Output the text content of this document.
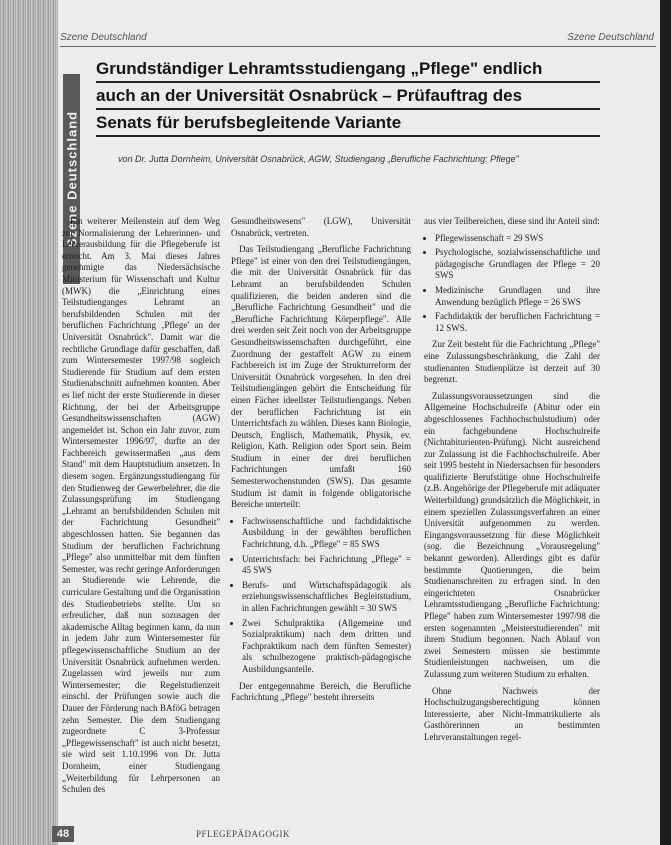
Szene Deutschland	Szene Deutschland
Szene Deutschland
Grundständiger Lehramtsstudiengang „Pflege" endlich
auch an der Universität Osnabrück – Prüfauftrag des
Senats für berufsbegleitende Variante
von Dr. Jutta Dornheim, Universität Osnabrück, AGW, Studiengang „Berufliche Fachrichtung: Pflege"

Ein weiterer Meilenstein auf dem Weg zur Normalisierung der Lehrerinnen- und Lehrerausbildung für die Pflegeberufe ist erreicht. Am 3. Mai dieses Jahres genehmigte das Niedersächsische Ministerium für Wissenschaft und Kultur (MWK) die „Einrichtung eines Teilstudienganges Lehramt an berufsbildenden Schulen mit der beruflichen Fachrichtung ‚Pflege' an der Universität Osnabrück". Damit war die rechtliche Grundlage dafür geschaffen, daß zum Wintersemester 1997/98 sogleich Studierende für Studium auf dem ersten Studienabschnitt aufnehmen konnten. Aber es lief nicht der erste Studierende in dieser Richtung, der bei der Arbeitsgruppe Gesundheitswissenschaften (AGW) angemeldet ist. Schon ein Jahr zuvor, zum Wintersemester 1996/97, durfte an der Fachbereich gewissermaßen „aus dem Stand" mit dem Hauptstudium ansetzen. In diesem sogen. Ergänzungsstudiengang für den Studienweg der Gewerbelehrer, die die Zulassungsprüfung im Studiengang „Lehramt an berufsbildenden Schulen mit der Fachrichtung Gesundheit" abgeschlossen hatten. Sie begannen das Studium der beruflichen Fachrichtung „Pflege" also unmittelbar mit dem fünften Semester, was recht geringe Anforderungen an Studierende wie Lehrende, die curriculare Gestaltung und die Organisation des Studienbetriebs stellte. Um so erfreulicher, daß nun sozusagen der akademische Alltag beginnen kann, da nun in jedem Jahr zum Wintersemester für pflegewissenschaftliche Studium an der Universität Osnabrück aufnehmen werden. Zugelassen wird jeweils nur zum Wintersemester; die Regelstudienzeit einschl. der Prüfungen sowie auch die Dauer der Förderung nach BAföG betragen zehn Semester. Die dem Studiengang zugeordnete C 3-Professur „Pflegewissenschaft" ist auch nicht besetzt, sie wird seit 1.10.1996 von Dr. Jutta Dornheim, einer Studiengang „Weiterbildung für Lehrpersonen an Schulen des

Gesundheitswesens" (LGW), Universität Osnabrück, vertreten.

Das Teilstudiengang „Berufliche Fachrichtung Pflege" ist einer von den drei Teilstudiengängen, die mit der Universität Osnabrück für das Lehramt an berufsbildenden Schulen qualifizieren, die beiden anderen sind die „Berufliche Fachrichtung Gesundheit" und die „Berufliche Fachrichtung Körperpflege". Alle drei werden seit Zeit noch von der Arbeitsgruppe Gesundheitswissenschaften durchgeführt, eine Zuordnung der gestaffelt AGW zu einem Fachbereich ist im Zuge der Strukturreform der Universität Osnabrück vorgesehen. In den drei Teilstudiengängen gehört die Entscheidung für einen Fächer ideellster Teilstudiengangs. Neben der beruflichen Fachrichtung ist ein Unterrichtsfach zu wählen. Dieses kann Biologie, Deutsch, Englisch, Mathematik, Physik, ev. Religion, Kath. Religion oder Sport sein. Beim Studium in einer der drei beruflichen Fachrichtungen umfaßt 160 Semesterwochenstunden (SWS). Das gesamte Studium ist damit in folgende obligatorische Bereiche unterteilt:

• Fachwissenschaftliche und fachdidaktische Ausbildung in der gewählten beruflichen Fachrichtung, d.h. „Pflege" = 85 SWS
• Unterrichtsfach: bei Fachrichtung „Pflege" = 45 SWS
• Berufs- und Wirtschaftspädagogik als erziehungswissenschaftliches Begleitstudium, in allen Fachrichtungen gewählt = 30 SWS
• Zwei Schulpraktika (Allgemeine und Sozialpraktikum) nach dem dritten und Fachpraktikum nach dem fünften Semester) als schulbezogene praktisch-pädagogische Ausbildungsanteile.

Der entgegennahme Bereich, die Berufliche Fachrichtung „Pflege" besteht ihrerseits

aus vier Teilbereichen, diese sind ihr Anteil sind:

• Pflegewissenschaft = 29 SWS
• Psychologische, sozialwissenschaftliche und pädagogische Grundlagen der Pflege = 20 SWS
• Medizinische Grundlagen und ihre Anwendung bezüglich Pflege = 26 SWS
• Fachdidaktik der beruflichen Fachrichtung = 12 SWS.

Zur Zeit besteht für die Fachrichtung „Pflege" eine Zulassungsbeschränkung, die Zahl der studienanten Studienplätze ist derzeit auf 30 begrenzt.

Zulassungsvoraussetzungen sind die Allgemeine Hochschulreife (Abitur oder ein abgeschlossenes Fachhochschulstudium) oder ein fachgebundene Hochschulreife (Nichtabiturienten-Prüfung). Nicht ausreichend zur Zulassung ist die Fachhochschulreife. Aber seit 1995 besteht in Niedersachsen für besonders qualifizierte Berufstätige ohne Hochschulreife (z.B. Angehörige der Pflegeberufe mit adäquater Weiterbildung) grundsätzlich die Möglichkeit, in einem speziellen Zulassungsverfahren an einer Universität aufgenommen zu werden. Eingangsvoraussetzung für diese Möglichkeit (sog. die Bezeichnung „Vorausregelung" bekannt geworden). Allerdings gibt es dafür bestimmte Quotierungen, die beim Studienanschreiten zu erfragen sind. In den eingerichteten Osnabrücker Lehramtsstudiengang „Berufliche Fachrichtung: Pflege" haben zum Wintersemester 1997/98 die ersten sogenannten „Meisterstudierenden" mit ihrem Studium begonnen. Nach Ablauf von zwei Semestern müssen sie bestimmte Studienleistungen nachweisen, um die Zulassung zum weiteren Studium zu erhalten.

Ohne Nachweis der Hochschulzugangsberechtigung können Interessierte, aber Nicht-Immatrikulierte als Gasthörerinnen an bestimmten Lehrveranstaltungen regel-

PFLEGEPÄDAGOGIK
48
